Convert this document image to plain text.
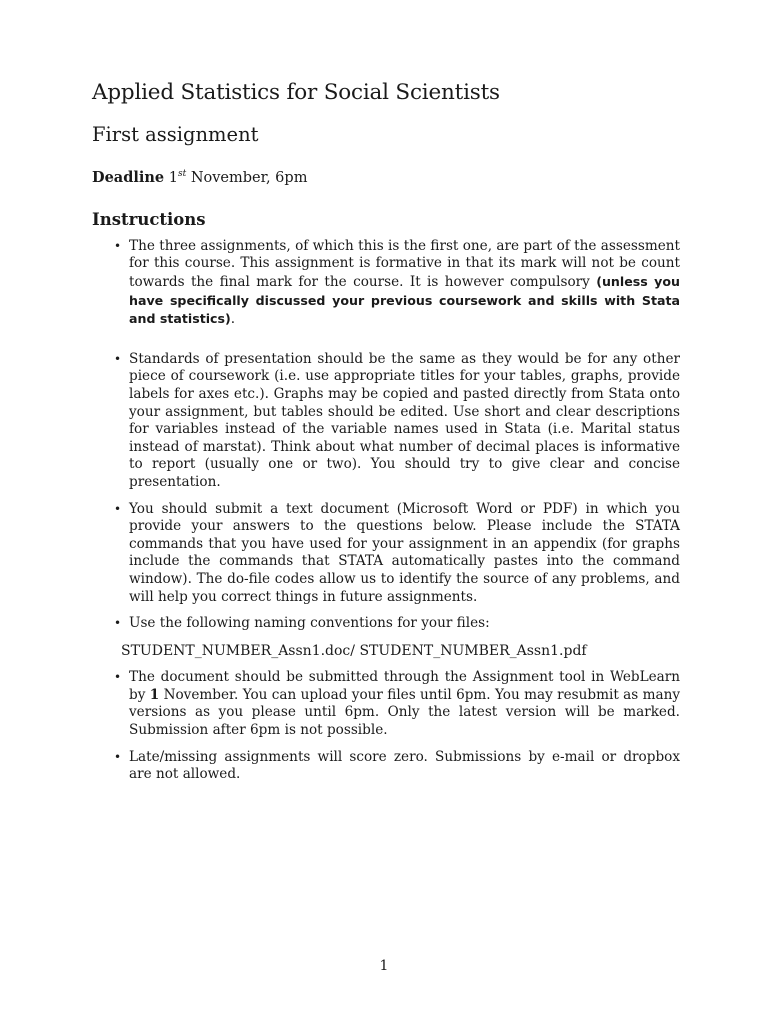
Applied Statistics for Social Scientists
First assignment

Deadline 1st November, 6pm

Instructions
• The three assignments, of which this is the first one, are part of the assessment for this course. This assignment is formative in that its mark will not be count towards the final mark for the course. It is however compulsory (unless you have specifically discussed your previous coursework and skills with Stata and statistics).
• Standards of presentation should be the same as they would be for any other piece of coursework (i.e. use appropriate titles for your tables, graphs, provide labels for axes etc.). Graphs may be copied and pasted directly from Stata onto your assignment, but tables should be edited. Use short and clear descriptions for variables instead of the variable names used in Stata (i.e. Marital status instead of marstat). Think about what number of decimal places is informative to report (usually one or two). You should try to give clear and concise presentation.
• You should submit a text document (Microsoft Word or PDF) in which you provide your answers to the questions below. Please include the STATA commands that you have used for your assignment in an appendix (for graphs include the commands that STATA automatically pastes into the command window). The do-file codes allow us to identify the source of any problems, and will help you correct things in future assignments.
• Use the following naming conventions for your files:
STUDENT_NUMBER_Assn1.doc/ STUDENT_NUMBER_Assn1.pdf
• The document should be submitted through the Assignment tool in WebLearn by 1 November. You can upload your files until 6pm. You may resubmit as many versions as you please until 6pm. Only the latest version will be marked. Submission after 6pm is not possible.
• Late/missing assignments will score zero. Submissions by e-mail or dropbox are not allowed.
1
